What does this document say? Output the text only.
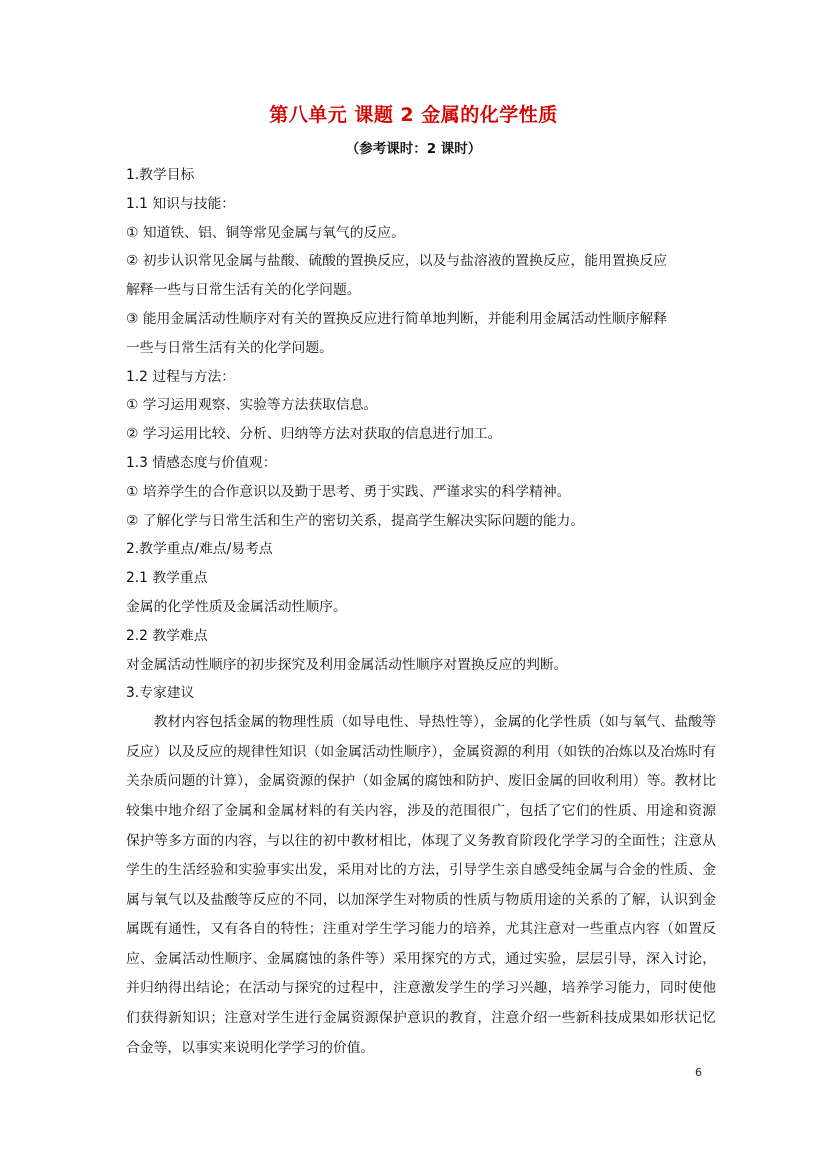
第八单元 课题 2 金属的化学性质
（参考课时：2 课时）
1.教学目标
1.1 知识与技能：
① 知道铁、铝、铜等常见金属与氧气的反应。
② 初步认识常见金属与盐酸、硫酸的置换反应，以及与盐溶液的置换反应，能用置换反应
解释一些与日常生活有关的化学问题。
③ 能用金属活动性顺序对有关的置换反应进行简单地判断，并能利用金属活动性顺序解释
一些与日常生活有关的化学问题。
1.2 过程与方法：
① 学习运用观察、实验等方法获取信息。
② 学习运用比较、分析、归纳等方法对获取的信息进行加工。
1.3 情感态度与价值观：
① 培养学生的合作意识以及勤于思考、勇于实践、严谨求实的科学精神。
② 了解化学与日常生活和生产的密切关系，提高学生解决实际问题的能力。
2.教学重点/难点/易考点
2.1 教学重点
金属的化学性质及金属活动性顺序。
2.2 教学难点
对金属活动性顺序的初步探究及利用金属活动性顺序对置换反应的判断。
3.专家建议

教材内容包括金属的物理性质（如导电性、导热性等），金属的化学性质（如与氧气、盐酸等反应）以及反应的规律性知识（如金属活动性顺序），金属资源的利用（如铁的冶炼以及冶炼时有关杂质问题的计算），金属资源的保护（如金属的腐蚀和防护、废旧金属的回收利用）等。教材比较集中地介绍了金属和金属材料的有关内容，涉及的范围很广，包括了它们的性质、用途和资源保护等多方面的内容，与以往的初中教材相比，体现了义务教育阶段化学学习的全面性；注意从学生的生活经验和实验事实出发，采用对比的方法，引导学生亲自感受纯金属与合金的性质、金属与氧气以及盐酸等反应的不同，以加深学生对物质的性质与物质用途的关系的了解，认识到金属既有通性，又有各自的特性；注重对学生学习能力的培养，尤其注意对一些重点内容（如置反应、金属活动性顺序、金属腐蚀的条件等）采用探究的方式，通过实验，层层引导，深入讨论，并归纳得出结论；在活动与探究的过程中，注意激发学生的学习兴趣，培养学习能力，同时使他们获得新知识；注意对学生进行金属资源保护意识的教育，注意介绍一些新科技成果如形状记忆合金等，以事实来说明化学学习的价值。

6
